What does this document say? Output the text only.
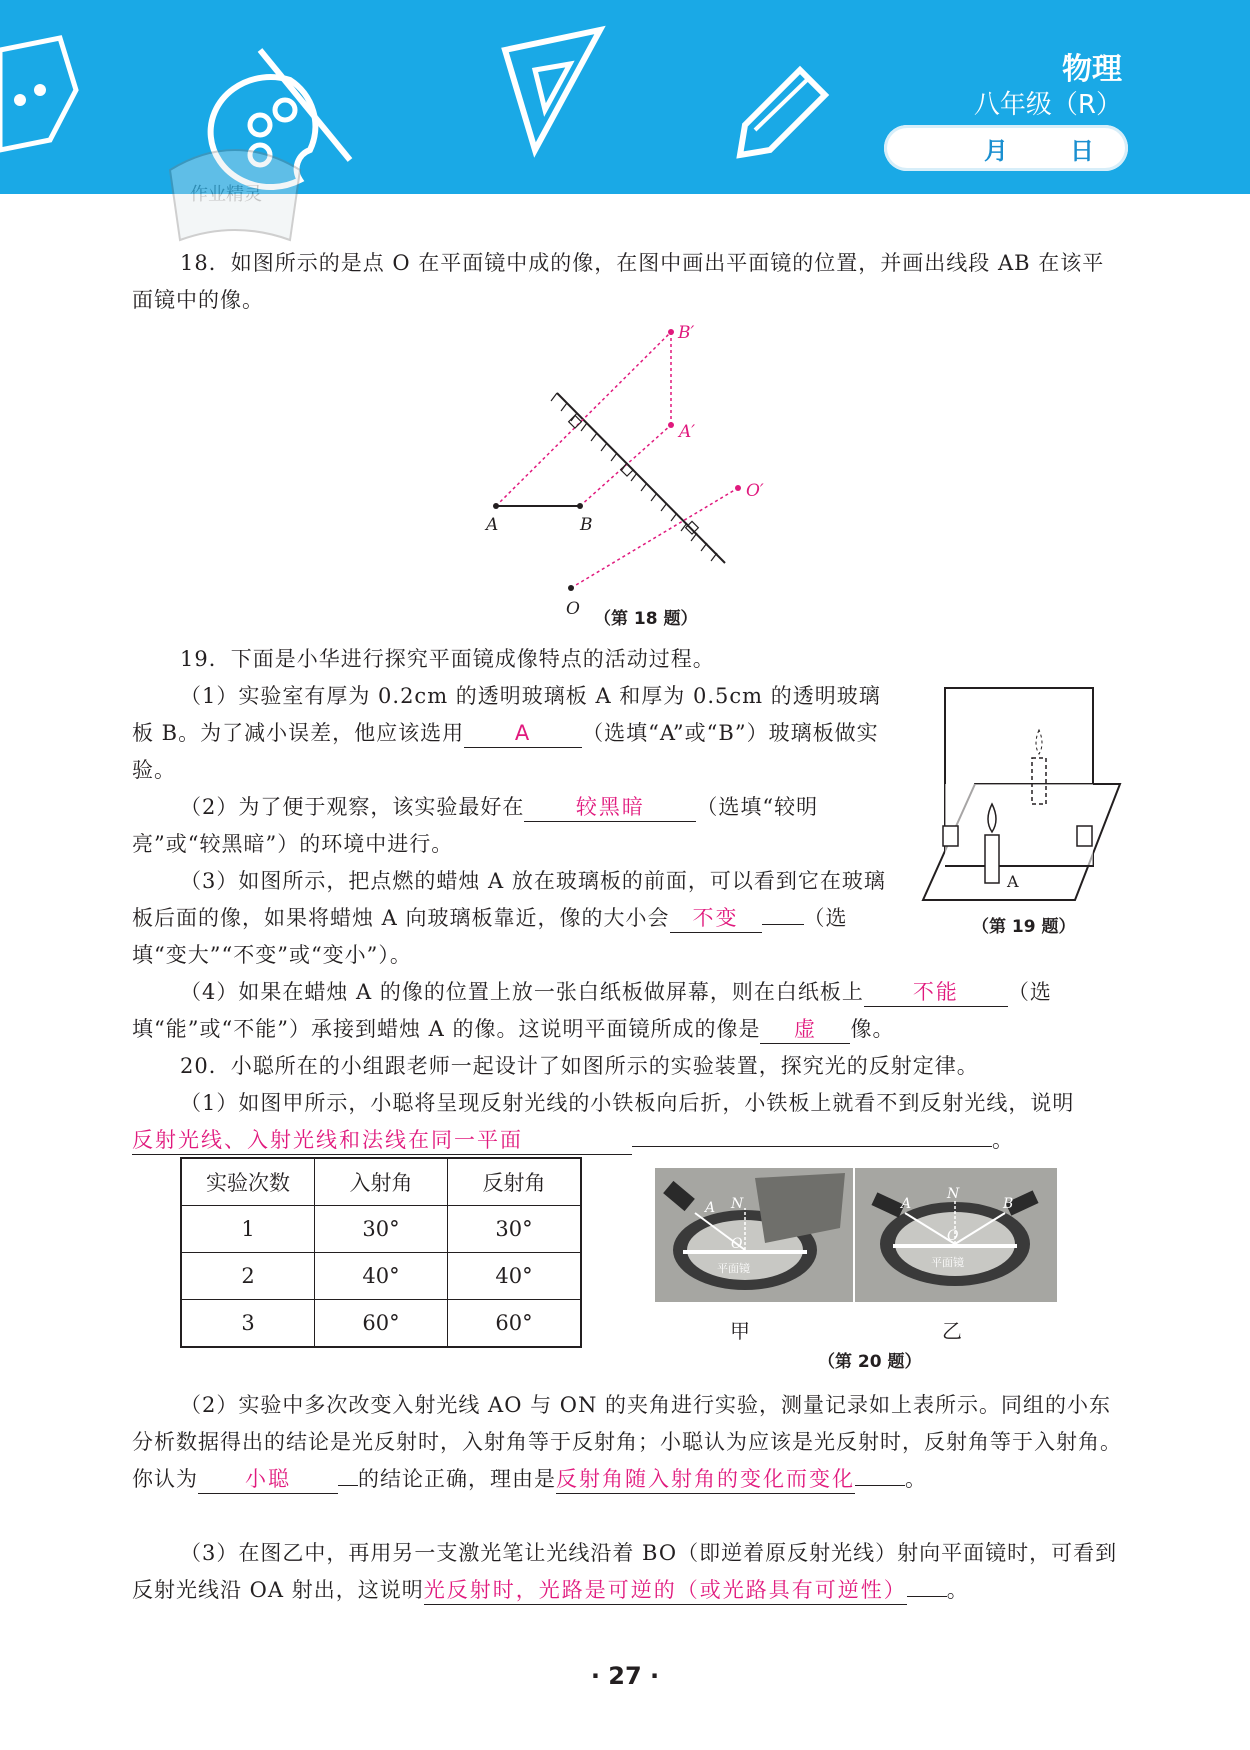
物理
八年级（R）
月	日
作业精灵
18．如图所示的是点 O 在平面镜中成的像，在图中画出平面镜的位置，并画出线段 AB 在该平面镜中的像。
A	B
O
A′
B′
O′
（第 18 题）
19．下面是小华进行探究平面镜成像特点的活动过程。
（1）实验室有厚为 0.2cm 的透明玻璃板 A 和厚为 0.5cm 的透明玻璃板 B。为了减小误差，他应该选用 A （选填“A”或“B”）玻璃板做实验。
（2）为了便于观察，该实验最好在 较黑暗 （选填“较明亮”或“较黑暗”）的环境中进行。
（3）如图所示，把点燃的蜡烛 A 放在玻璃板的前面，可以看到它在玻璃板后面的像，如果将蜡烛 A 向玻璃板靠近，像的大小会 不变	（选填“变大”“不变”或“变小”）。
（4）如果在蜡烛 A 的像的位置上放一张白纸板做屏幕，则在白纸板上 不能 （选填“能”或“不能”）承接到蜡烛 A 的像。这说明平面镜所成的像是 虚 像。
A
（第 19 题）
20．小聪所在的小组跟老师一起设计了如图所示的实验装置，探究光的反射定律。
（1）如图甲所示，小聪将呈现反射光线的小铁板向后折，小铁板上就看不到反射光线，说明反射光线、入射光线和法线在同一平面	。
实验次数	入射角	反射角
1	30°	30°
2	40°	40°
3	60°	60°
A N
O
平面镜
甲
A
N
B
O
平面镜
乙
（第 20 题）
（2）实验中多次改变入射光线 AO 与 ON 的夹角进行实验，测量记录如上表所示。同组的小东分析数据得出的结论是光反射时，入射角等于反射角；小聪认为应该是光反射时，反射角等于入射角。你认为 小聪	的结论正确，理由是反射角随入射角的变化而变化 。
（3）在图乙中，再用另一支激光笔让光线沿着 BO（即逆着原反射光线）射向平面镜时，可看到反射光线沿 OA 射出，这说明光反射时，光路是可逆的（或光路具有可逆性） 。
· 27 ·
